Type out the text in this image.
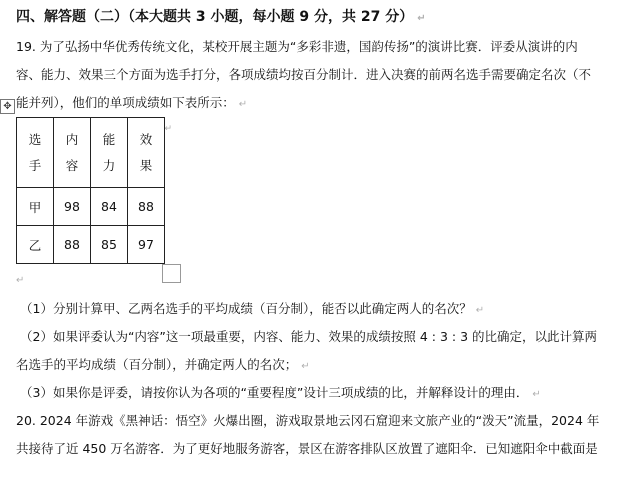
四、解答题（二）（本大题共 3 小题，每小题 9 分，共 27 分） ↵
19. 为了弘扬中华优秀传统文化，某校开展主题为“多彩非遗，国韵传扬”的演讲比赛．评委从演讲的内
容、能力、效果三个方面为选手打分，各项成绩均按百分制计．进入决赛的前两名选手需要确定名次（不
能并列），他们的单项成绩如下表所示： ↵
✥
选手	内容	能力	效果
↵

甲	98	84	88
乙	88	85	97
↵
（1）分别计算甲、乙两名选手的平均成绩（百分制），能否以此确定两人的名次？ ↵
（2）如果评委认为“内容”这一项最重要，内容、能力、效果的成绩按照 4 : 3 : 3 的比确定，以此计算两
名选手的平均成绩（百分制），并确定两人的名次； ↵
（3）如果你是评委，请按你认为各项的“重要程度”设计三项成绩的比，并解释设计的理由． ↵
20. 2024 年游戏《黑神话：悟空》火爆出圈，游戏取景地云冈石窟迎来文旅产业的“泼天”流量，2024 年
共接待了近 450 万名游客．为了更好地服务游客，景区在游客排队区放置了遮阳伞．已知遮阳伞中截面是
